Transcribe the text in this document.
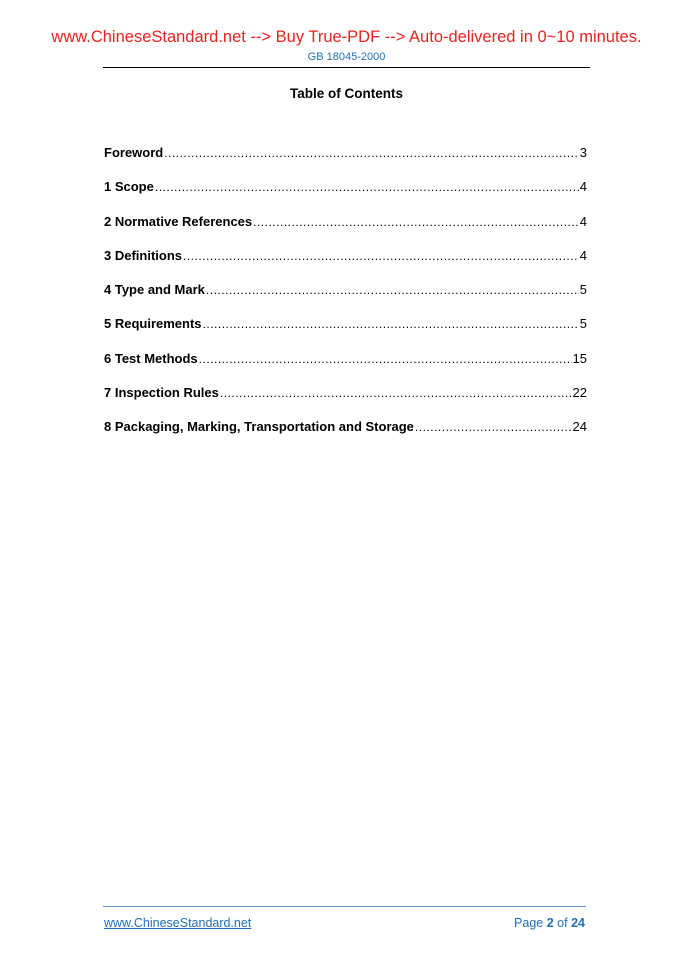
www.ChineseStandard.net --> Buy True-PDF --> Auto-delivered in 0~10 minutes.
GB 18045-2000
Table of Contents
Foreword .....	3
1 Scope .....	4
2 Normative References .....	4
3 Definitions .....	4
4 Type and Mark .....	5
5 Requirements .....	5
6 Test Methods .....	15
7 Inspection Rules .....	22
8 Packaging, Marking, Transportation and Storage .....	24
www.ChineseStandard.net	Page 2 of 24
